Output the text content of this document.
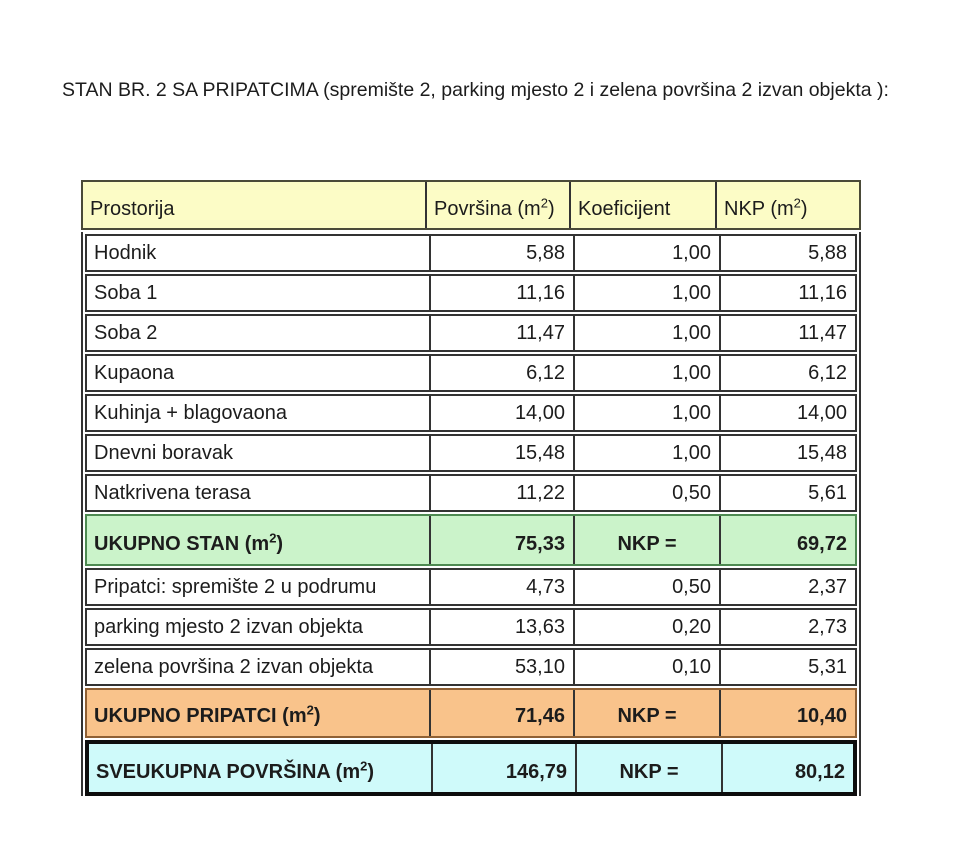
STAN BR. 2 SA PRIPATCIMA (spremište 2, parking mjesto 2 i zelena površina 2 izvan objekta ):
Prostorija	Površina $(m^2)$	Koeficijent	NKP $(m^2)$
Hodnik	5,88	1,00	5,88
Soba 1	11,16	1,00	11,16
Soba 2	11,47	1,00	11,47
Kupaona	6,12	1,00	6,12
Kuhinja + blagovaona	14,00	1,00	14,00
Dnevni boravak	15,48	1,00	15,48
Natkrivena terasa	11,22	0,50	5,61
UKUPNO STAN $(m^2)$	75,33	NKP =	69,72
Pripatci: spremište 2 u podrumu	4,73	0,50	2,37
parking mjesto 2 izvan objekta	13,63	0,20	2,73
zelena površina 2 izvan objekta	53,10	0,10	5,31
UKUPNO PRIPATCI $(m^2)$	71,46	NKP =	10,40
SVEUKUPNA POVRŠINA $(m^2)$	146,79	NKP =	80,12
